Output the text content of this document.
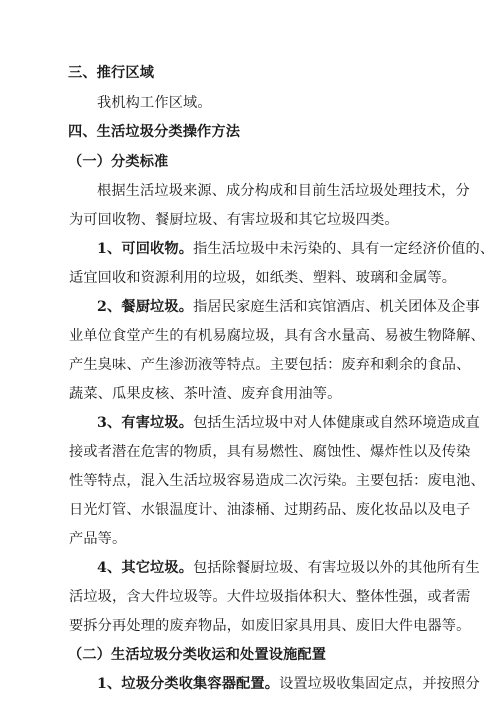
三、推行区域
我机构工作区域。
四、生活垃圾分类操作方法
（一）分类标准
根据生活垃圾来源、成分构成和目前生活垃圾处理技术，分
为可回收物、餐厨垃圾、有害垃圾和其它垃圾四类。
1、可回收物。指生活垃圾中未污染的、具有一定经济价值的、
适宜回收和资源利用的垃圾，如纸类、塑料、玻璃和金属等。
2、餐厨垃圾。指居民家庭生活和宾馆酒店、机关团体及企事
业单位食堂产生的有机易腐垃圾，具有含水量高、易被生物降解、
产生臭味、产生渗沥液等特点。主要包括：废弃和剩余的食品、
蔬菜、瓜果皮核、茶叶渣、废弃食用油等。
3、有害垃圾。包括生活垃圾中对人体健康或自然环境造成直
接或者潜在危害的物质，具有易燃性、腐蚀性、爆炸性以及传染
性等特点，混入生活垃圾容易造成二次污染。主要包括：废电池、
日光灯管、水银温度计、油漆桶、过期药品、废化妆品以及电子
产品等。
4、其它垃圾。包括除餐厨垃圾、有害垃圾以外的其他所有生
活垃圾，含大件垃圾等。大件垃圾指体积大、整体性强，或者需
要拆分再处理的废弃物品，如废旧家具用具、废旧大件电器等。
（二）生活垃圾分类收运和处置设施配置
1、垃圾分类收集容器配置。设置垃圾收集固定点，并按照分
